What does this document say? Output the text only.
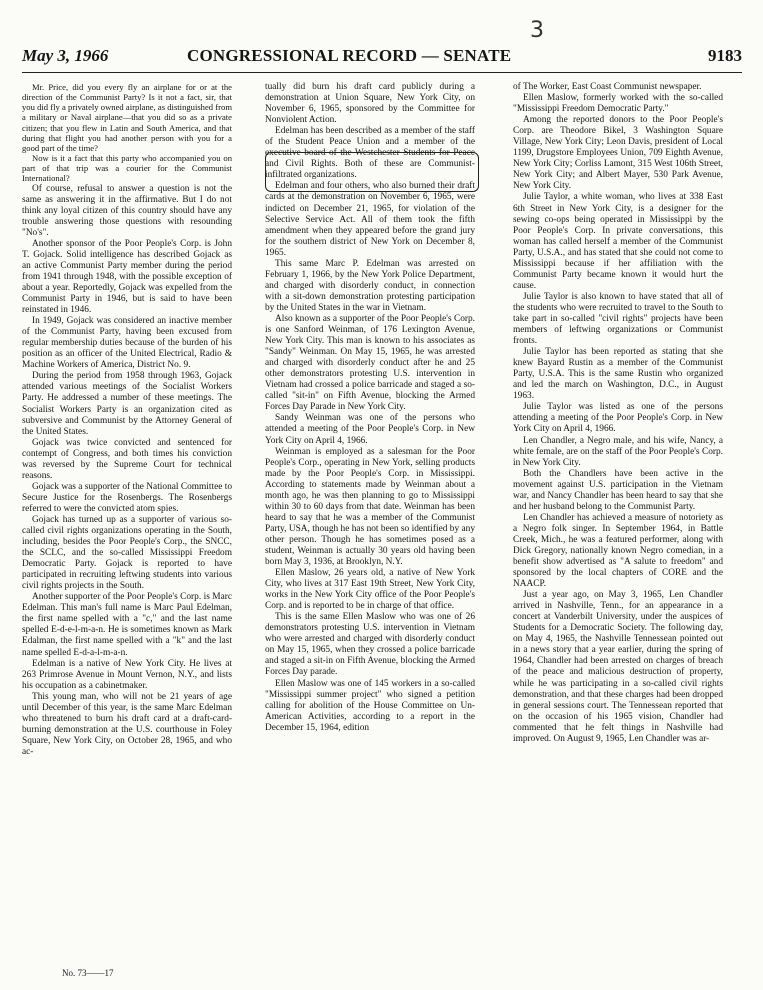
3
May 3, 1966	CONGRESSIONAL RECORD — SENATE	9183

Mr. Price, did you every fly an airplane for or at the direction of the Communist Party? Is it not a fact, sir, that you did fly a privately owned airplane, as distinguished from a military or Naval airplane—that you did so as a private citizen; that you flew in Latin and South America, and that during that flight you had another person with you for a good part of the time?

Now is it a fact that this party who accompanied you on part of that trip was a courier for the Communist International?

Of course, refusal to answer a question is not the same as answering it in the affirmative. But I do not think any loyal citizen of this country should have any trouble answering those questions with resounding "No's".

Another sponsor of the Poor People's Corp. is John T. Gojack. Solid intelligence has described Gojack as an active Communist Party member during the period from 1941 through 1948, with the possible exception of about a year. Reportedly, Gojack was expelled from the Communist Party in 1946, but is said to have been reinstated in 1946.

In 1949, Gojack was considered an inactive member of the Communist Party, having been excused from regular membership duties because of the burden of his position as an officer of the United Electrical, Radio & Machine Workers of America, District No. 9.

During the period from 1958 through 1963, Gojack attended various meetings of the Socialist Workers Party. He addressed a number of these meetings. The Socialist Workers Party is an organization cited as subversive and Communist by the Attorney General of the United States.

Gojack was twice convicted and sentenced for contempt of Congress, and both times his conviction was reversed by the Supreme Court for technical reasons.

Gojack was a supporter of the National Committee to Secure Justice for the Rosenbergs. The Rosenbergs referred to were the convicted atom spies.

Gojack has turned up as a supporter of various so-called civil rights organizations operating in the South, including, besides the Poor People's Corp., the SNCC, the SCLC, and the so-called Mississippi Freedom Democratic Party. Gojack is reported to have participated in recruiting leftwing students into various civil rights projects in the South.

Another supporter of the Poor People's Corp. is Marc Edelman. This man's full name is Marc Paul Edelman, the first name spelled with a "c," and the last name spelled E-d-e-l-m-a-n. He is sometimes known as Mark Edalman, the first name spelled with a "k" and the last name spelled E-d-a-l-m-a-n.

Edelman is a native of New York City. He lives at 263 Primrose Avenue in Mount Vernon, N.Y., and lists his occupation as a cabinetmaker.

This young man, who will not be 21 years of age until December of this year, is the same Marc Edelman who threatened to burn his draft card at a draft-card-burning demonstration at the U.S. courthouse in Foley Square, New York City, on October 28, 1965, and who ac-

tually did burn his draft card publicly during a demonstration at Union Square, New York City, on November 6, 1965, sponsored by the Committee for Nonviolent Action.

Edelman has been described as a member of the staff of the Student Peace Union and a member of the executive board of the Westchester Students for Peace and Civil Rights. Both of these are Communist-infiltrated organizations.

Edelman and four others, who also burned their draft cards at the demonstration on November 6, 1965, were indicted on December 21, 1965, for violation of the Selective Service Act. All of them took the fifth amendment when they appeared before the grand jury for the southern district of New York on December 8, 1965.

This same Marc P. Edelman was arrested on February 1, 1966, by the New York Police Department, and charged with disorderly conduct, in connection with a sit-down demonstration protesting participation by the United States in the war in Vietnam.

Also known as a supporter of the Poor People's Corp. is one Sanford Weinman, of 176 Lexington Avenue, New York City. This man is known to his associates as "Sandy" Weinman. On May 15, 1965, he was arrested and charged with disorderly conduct after he and 25 other demonstrators protesting U.S. intervention in Vietnam had crossed a police barricade and staged a so-called "sit-in" on Fifth Avenue, blocking the Armed Forces Day Parade in New York City.

Sandy Weinman was one of the persons who attended a meeting of the Poor People's Corp. in New York City on April 4, 1966.

Weinman is employed as a salesman for the Poor People's Corp., operating in New York, selling products made by the Poor People's Corp. in Mississippi. According to statements made by Weinman about a month ago, he was then planning to go to Mississippi within 30 to 60 days from that date. Weinman has been heard to say that he was a member of the Communist Party, USA, though he has not been so identified by any other person. Though he has sometimes posed as a student, Weinman is actually 30 years old having been born May 3, 1936, at Brooklyn, N.Y.

Ellen Maslow, 26 years old, a native of New York City, who lives at 317 East 19th Street, New York City, works in the New York City office of the Poor People's Corp. and is reported to be in charge of that office.

This is the same Ellen Maslow who was one of 26 demonstrators protesting U.S. intervention in Vietnam who were arrested and charged with disorderly conduct on May 15, 1965, when they crossed a police barricade and staged a sit-in on Fifth Avenue, blocking the Armed Forces Day parade.

Ellen Maslow was one of 145 workers in a so-called "Mississippi summer project" who signed a petition calling for abolition of the House Committee on Un-American Activities, according to a report in the December 15, 1964, edition

of The Worker, East Coast Communist newspaper.

Ellen Maslow, formerly worked with the so-called "Mississippi Freedom Democratic Party."

Among the reported donors to the Poor People's Corp. are Theodore Bikel, 3 Washington Square Village, New York City; Leon Davis, president of Local 1199, Drugstore Employees Union, 709 Eighth Avenue, New York City; Corliss Lamont, 315 West 106th Street, New York City; and Albert Mayer, 530 Park Avenue, New York City.

Julie Taylor, a white woman, who lives at 338 East 6th Street in New York City, is a designer for the sewing co-ops being operated in Mississippi by the Poor People's Corp. In private conversations, this woman has called herself a member of the Communist Party, U.S.A., and has stated that she could not come to Mississippi because if her affiliation with the Communist Party became known it would hurt the cause.

Julie Taylor is also known to have stated that all of the students who were recruited to travel to the South to take part in so-called "civil rights" projects have been members of leftwing organizations or Communist fronts.

Julie Taylor has been reported as stating that she knew Bayard Rustin as a member of the Communist Party, U.S.A. This is the same Rustin who organized and led the march on Washington, D.C., in August 1963.

Julie Taylor was listed as one of the persons attending a meeting of the Poor People's Corp. in New York City on April 4, 1966.

Len Chandler, a Negro male, and his wife, Nancy, a white female, are on the staff of the Poor People's Corp. in New York City.

Both the Chandlers have been active in the movement against U.S. participation in the Vietnam war, and Nancy Chandler has been heard to say that she and her husband belong to the Communist Party.

Len Chandler has achieved a measure of notoriety as a Negro folk singer. In September 1964, in Battle Creek, Mich., he was a featured performer, along with Dick Gregory, nationally known Negro comedian, in a benefit show advertised as "A salute to freedom" and sponsored by the local chapters of CORE and the NAACP.

Just a year ago, on May 3, 1965, Len Chandler arrived in Nashville, Tenn., for an appearance in a concert at Vanderbilt University, under the auspices of Students for a Democratic Society. The following day, on May 4, 1965, the Nashville Tennessean pointed out in a news story that a year earlier, during the spring of 1964, Chandler had been arrested on charges of breach of the peace and malicious destruction of property, while he was participating in a so-called civil rights demonstration, and that these charges had been dropped in general sessions court. The Tennessean reported that on the occasion of his 1965 vision, Chandler had commented that he felt things in Nashville had improved. On August 9, 1965, Len Chandler was ar-

No. 73——17
